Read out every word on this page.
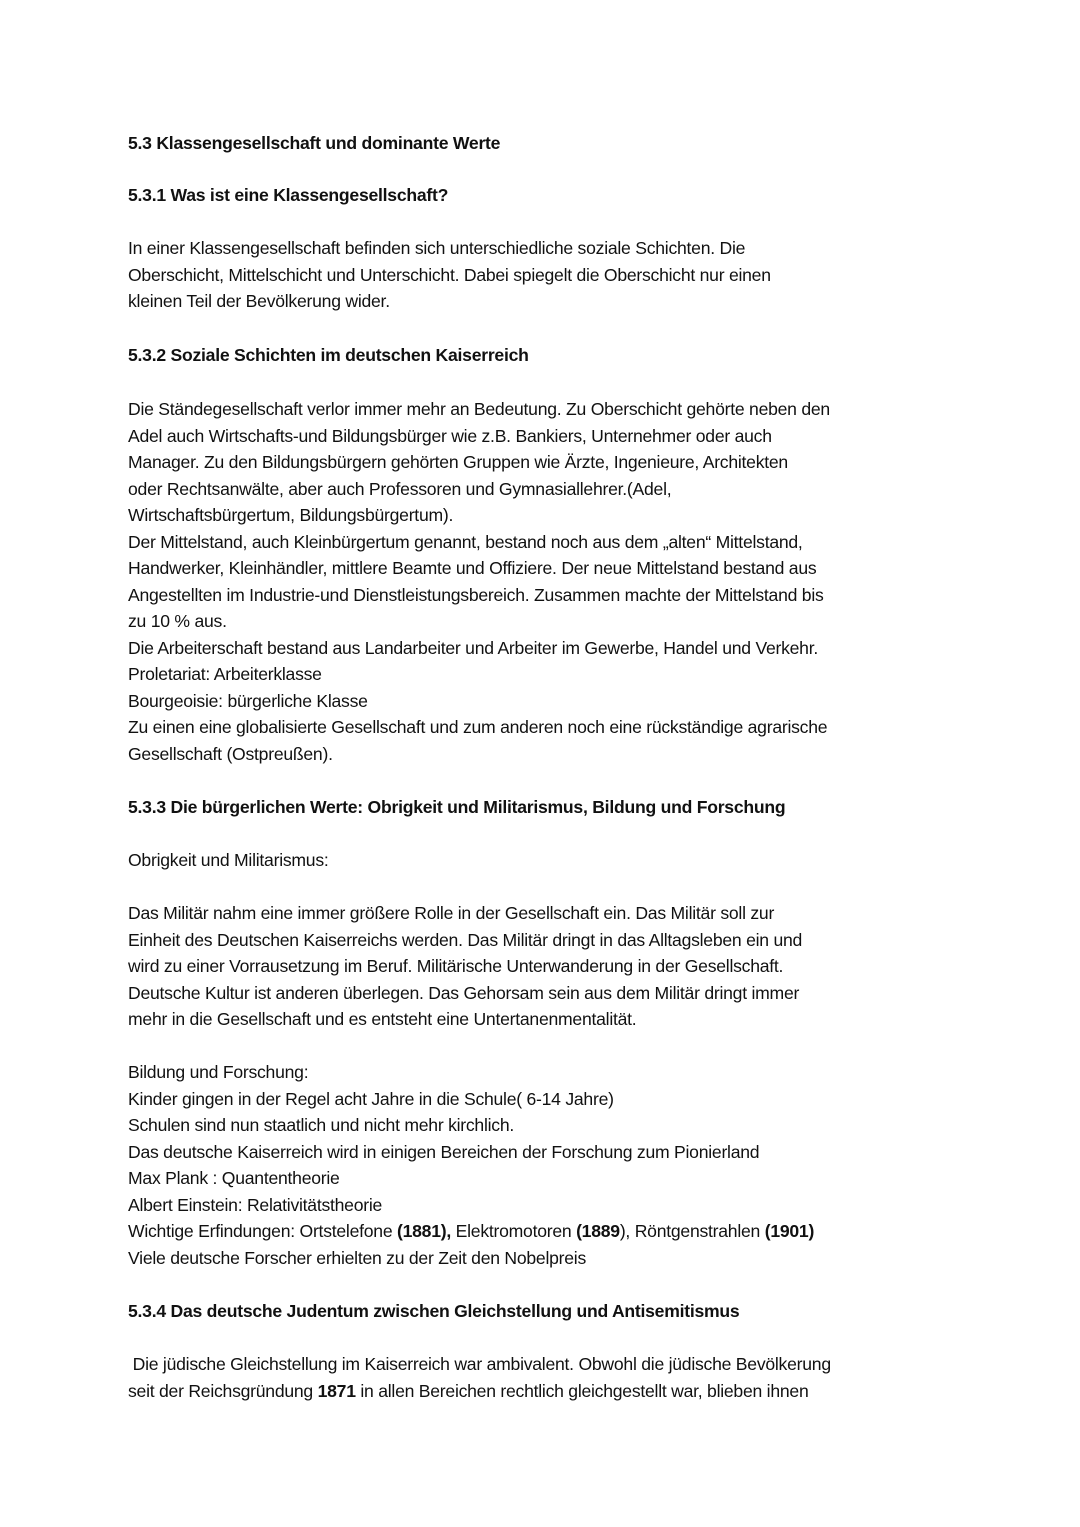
5.3 Klassengesellschaft und dominante Werte
5.3.1 Was ist eine Klassengesellschaft?
In einer Klassengesellschaft befinden sich unterschiedliche soziale Schichten. Die
Oberschicht, Mittelschicht und Unterschicht. Dabei spiegelt die Oberschicht nur einen
kleinen Teil der Bevölkerung wider.
5.3.2 Soziale Schichten im deutschen Kaiserreich
Die Ständegesellschaft verlor immer mehr an Bedeutung. Zu Oberschicht gehörte neben den
Adel auch Wirtschafts-und Bildungsbürger wie z.B. Bankiers, Unternehmer oder auch
Manager. Zu den Bildungsbürgern gehörten Gruppen wie Ärzte, Ingenieure, Architekten
oder Rechtsanwälte, aber auch Professoren und Gymnasiallehrer.(Adel,
Wirtschaftsbürgertum, Bildungsbürgertum).
Der Mittelstand, auch Kleinbürgertum genannt, bestand noch aus dem „alten“ Mittelstand,
Handwerker, Kleinhändler, mittlere Beamte und Offiziere. Der neue Mittelstand bestand aus
Angestellten im Industrie-und Dienstleistungsbereich. Zusammen machte der Mittelstand bis
zu 10 % aus.
Die Arbeiterschaft bestand aus Landarbeiter und Arbeiter im Gewerbe, Handel und Verkehr.
Proletariat: Arbeiterklasse
Bourgeoisie: bürgerliche Klasse
Zu einen eine globalisierte Gesellschaft und zum anderen noch eine rückständige agrarische
Gesellschaft (Ostpreußen).
5.3.3 Die bürgerlichen Werte: Obrigkeit und Militarismus, Bildung und Forschung
Obrigkeit und Militarismus:
Das Militär nahm eine immer größere Rolle in der Gesellschaft ein. Das Militär soll zur
Einheit des Deutschen Kaiserreichs werden. Das Militär dringt in das Alltagsleben ein und
wird zu einer Vorrausetzung im Beruf. Militärische Unterwanderung in der Gesellschaft.
Deutsche Kultur ist anderen überlegen. Das Gehorsam sein aus dem Militär dringt immer
mehr in die Gesellschaft und es entsteht eine Untertanenmentalität.
Bildung und Forschung:
Kinder gingen in der Regel acht Jahre in die Schule( 6-14 Jahre)
Schulen sind nun staatlich und nicht mehr kirchlich.
Das deutsche Kaiserreich wird in einigen Bereichen der Forschung zum Pionierland
Max Plank : Quantentheorie
Albert Einstein: Relativitätstheorie
Wichtige Erfindungen: Ortstelefone (1881), Elektromotoren (1889), Röntgenstrahlen (1901)
Viele deutsche Forscher erhielten zu der Zeit den Nobelpreis
5.3.4 Das deutsche Judentum zwischen Gleichstellung und Antisemitismus
Die jüdische Gleichstellung im Kaiserreich war ambivalent. Obwohl die jüdische Bevölkerung
seit der Reichsgründung 1871 in allen Bereichen rechtlich gleichgestellt war, blieben ihnen
